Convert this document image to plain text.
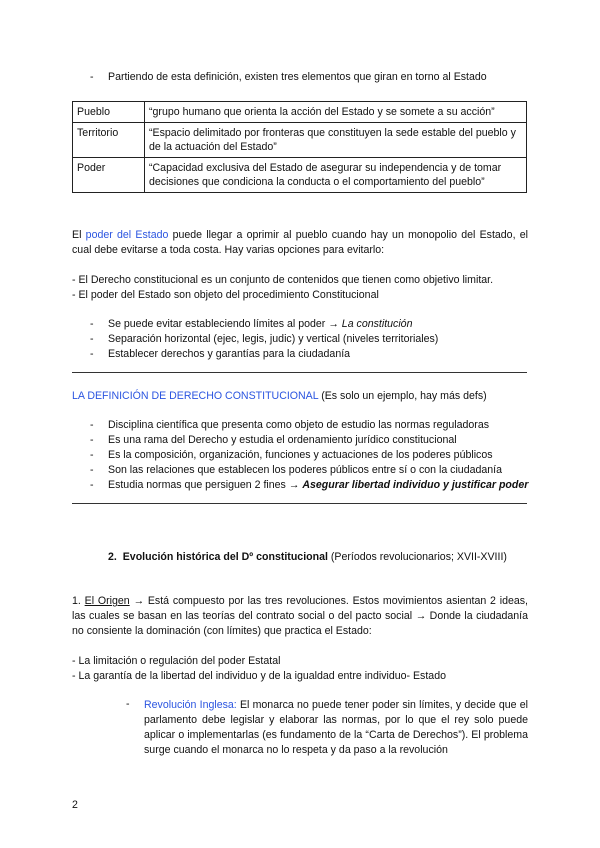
- Partiendo de esta definición, existen tres elementos que giran en torno al Estado
Pueblo	“grupo humano que orienta la acción del Estado y se somete a su acción”
Territorio	“Espacio delimitado por fronteras que constituyen la sede estable del pueblo y de la actuación del Estado”
Poder	“Capacidad exclusiva del Estado de asegurar su independencia y de tomar decisiones que condiciona la conducta o el comportamiento del pueblo”
El poder del Estado puede llegar a oprimir al pueblo cuando hay un monopolio del Estado, el cual debe evitarse a toda costa. Hay varias opciones para evitarlo:
- El Derecho constitucional es un conjunto de contenidos que tienen como objetivo limitar.
- El poder del Estado son objeto del procedimiento Constitucional
- Se puede evitar estableciendo límites al poder → La constitución
- Separación horizontal (ejec, legis, judic) y vertical (niveles territoriales)
- Establecer derechos y garantías para la ciudadanía
LA DEFINICIÓN DE DERECHO CONSTITUCIONAL (Es solo un ejemplo, hay más defs)
- Disciplina científica que presenta como objeto de estudio las normas reguladoras
- Es una rama del Derecho y estudia el ordenamiento jurídico constitucional
- Es la composición, organización, funciones y actuaciones de los poderes públicos
- Son las relaciones que establecen los poderes públicos entre sí o con la ciudadanía
- Estudia normas que persiguen 2 fines → Asegurar libertad individuo y justificar poder
2. Evolución histórica del Dº constitucional (Períodos revolucionarios; XVII-XVIII)
1. El Origen → Está compuesto por las tres revoluciones. Estos movimientos asientan 2 ideas, las cuales se basan en las teorías del contrato social o del pacto social → Donde la ciudadanía no consiente la dominación (con límites) que practica el Estado:
- La limitación o regulación del poder Estatal
- La garantía de la libertad del individuo y de la igualdad entre individuo- Estado
- Revolución Inglesa: El monarca no puede tener poder sin límites, y decide que el parlamento debe legislar y elaborar las normas, por lo que el rey solo puede aplicar o implementarlas (es fundamento de la “Carta de Derechos”). El problema surge cuando el monarca no lo respeta y da paso a la revolución
2
